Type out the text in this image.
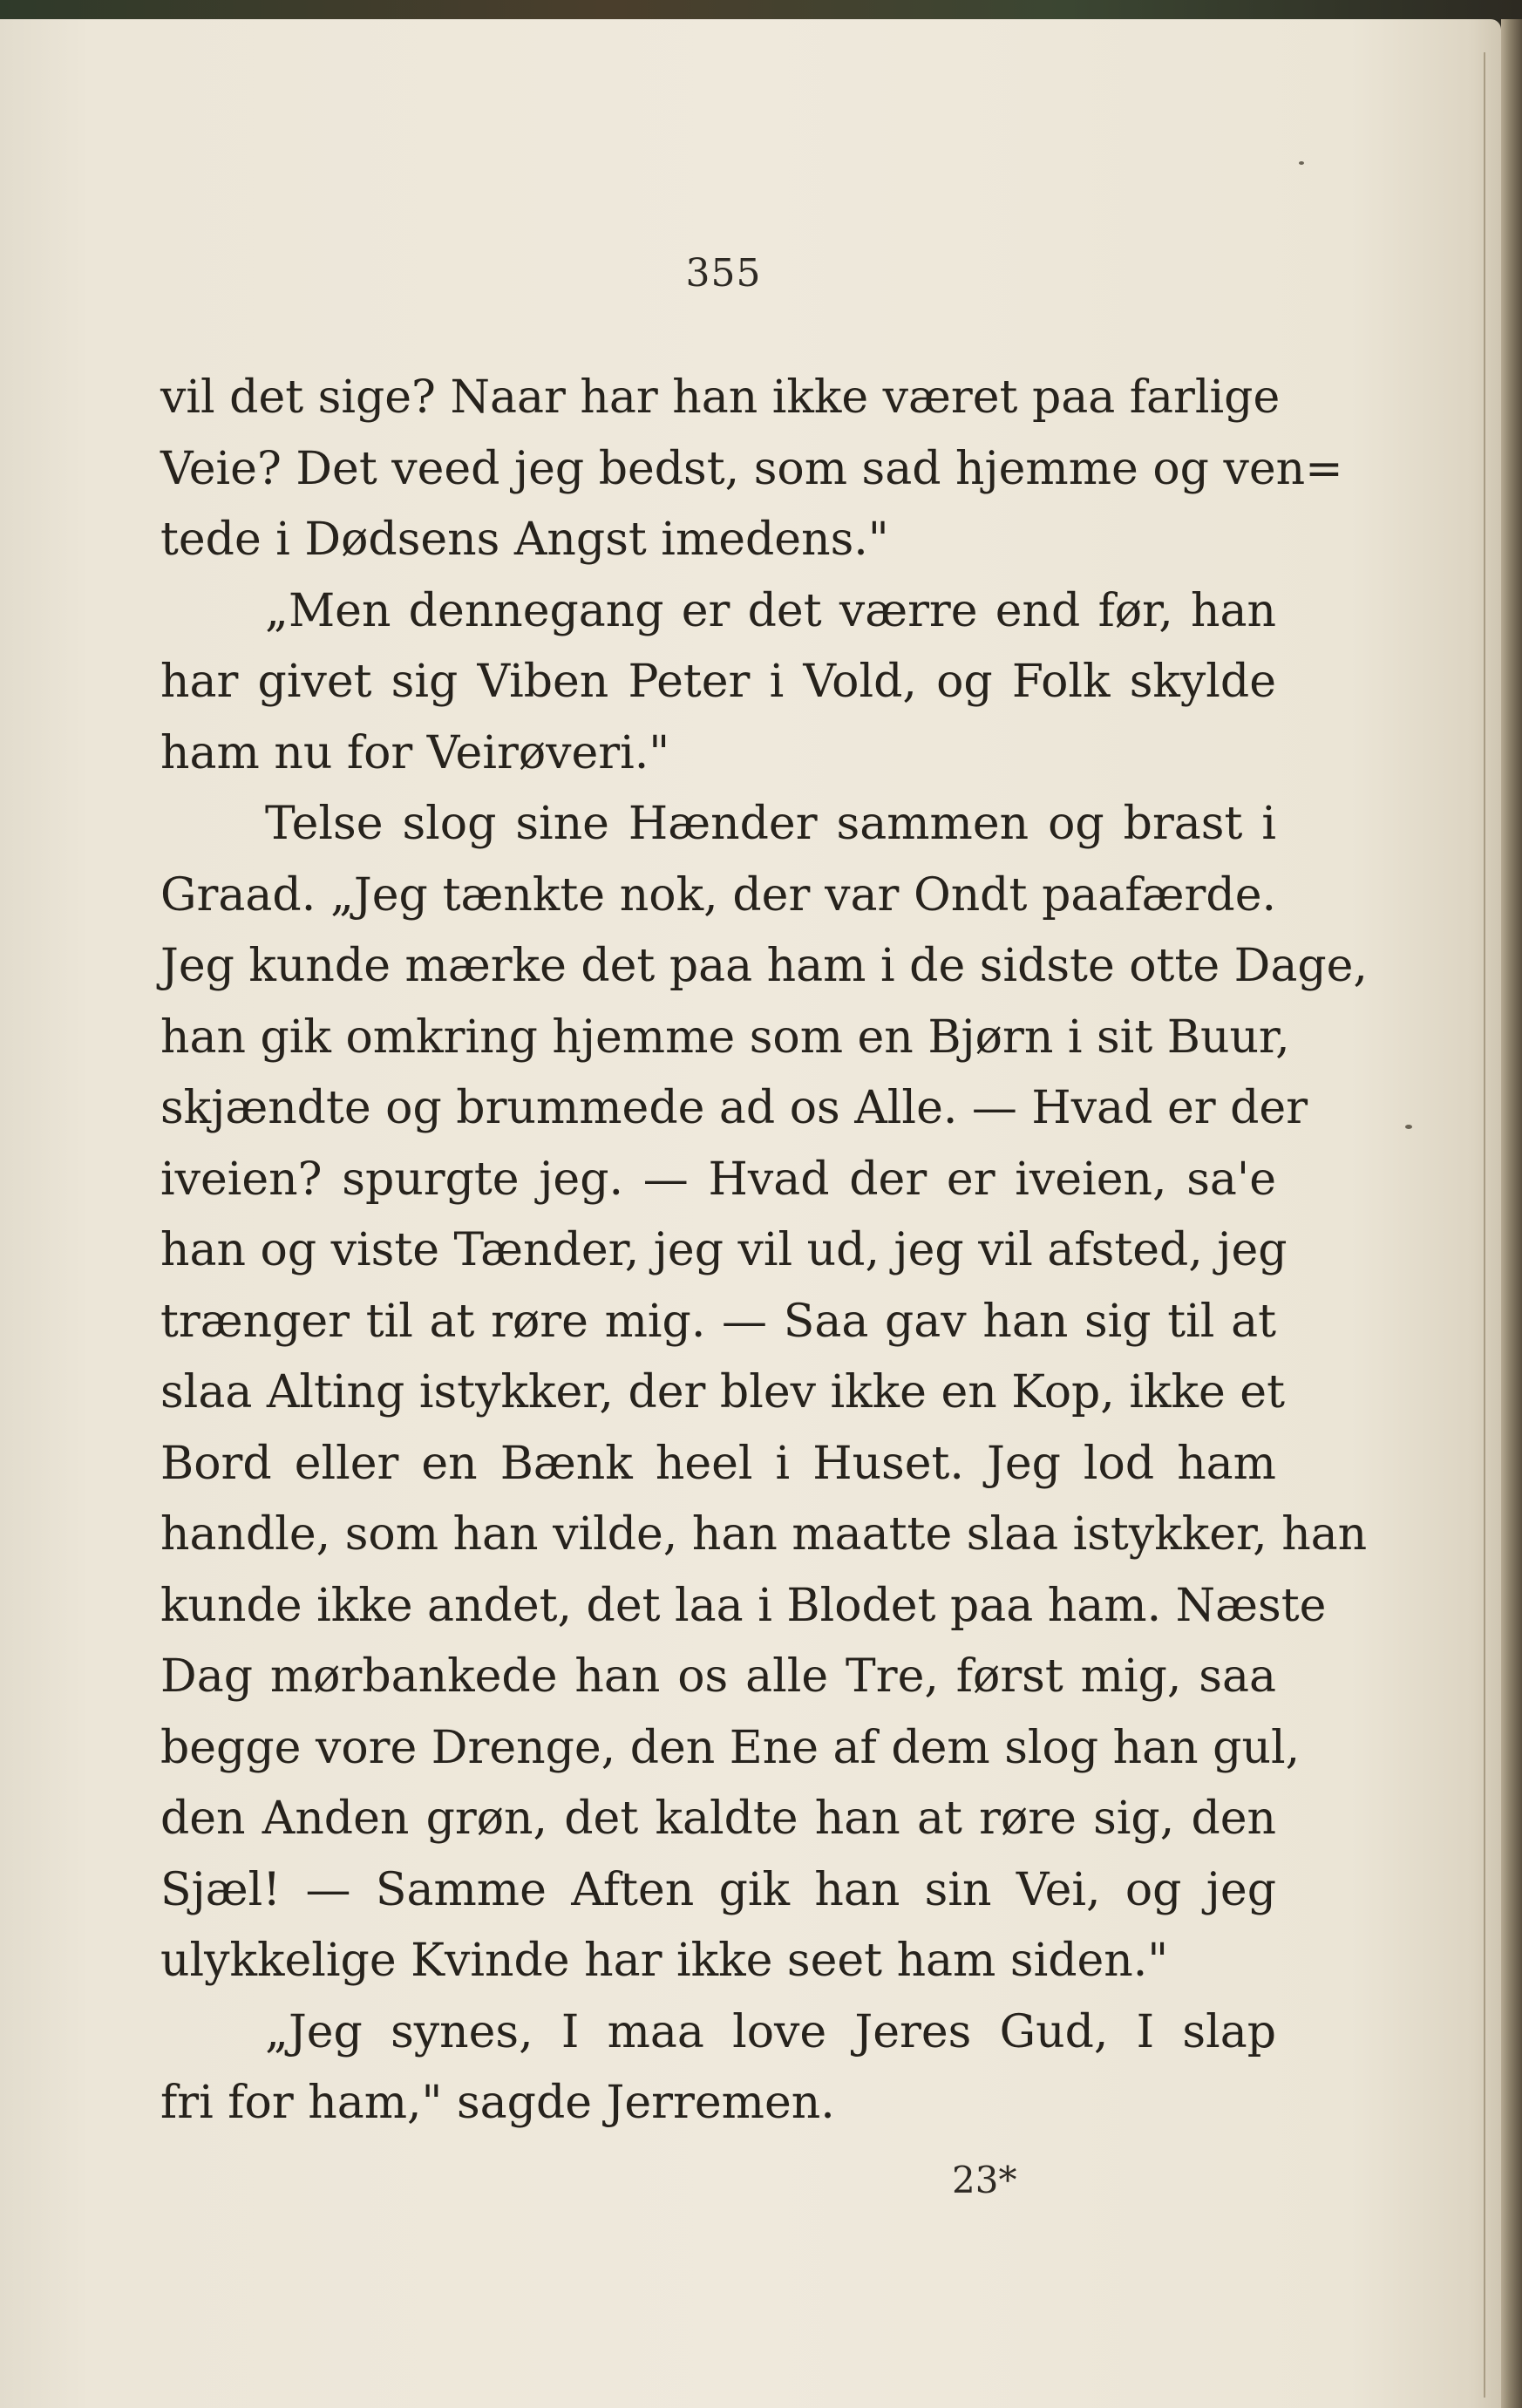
355
vil det sige? Naar har han ikke været paa farlige
Veie? Det veed jeg bedst, som sad hjemme og ven=
tede i Dødsens Angst imedens."
„Men dennegang er det værre end før, han
har givet sig Viben Peter i Vold, og Folk skylde
ham nu for Veirøveri."
Telse slog sine Hænder sammen og brast i
Graad. „Jeg tænkte nok, der var Ondt paafærde.
Jeg kunde mærke det paa ham i de sidste otte Dage,
han gik omkring hjemme som en Bjørn i sit Buur,
skjændte og brummede ad os Alle. — Hvad er der
iveien? spurgte jeg. — Hvad der er iveien, sa'e
han og viste Tænder, jeg vil ud, jeg vil afsted, jeg
trænger til at røre mig. — Saa gav han sig til at
slaa Alting istykker, der blev ikke en Kop, ikke et
Bord eller en Bænk heel i Huset. Jeg lod ham
handle, som han vilde, han maatte slaa istykker, han
kunde ikke andet, det laa i Blodet paa ham. Næste
Dag mørbankede han os alle Tre, først mig, saa
begge vore Drenge, den Ene af dem slog han gul,
den Anden grøn, det kaldte han at røre sig, den
Sjæl! — Samme Aften gik han sin Vei, og jeg
ulykkelige Kvinde har ikke seet ham siden."
„Jeg synes, I maa love Jeres Gud, I slap
fri for ham," sagde Jerremen.
23*
